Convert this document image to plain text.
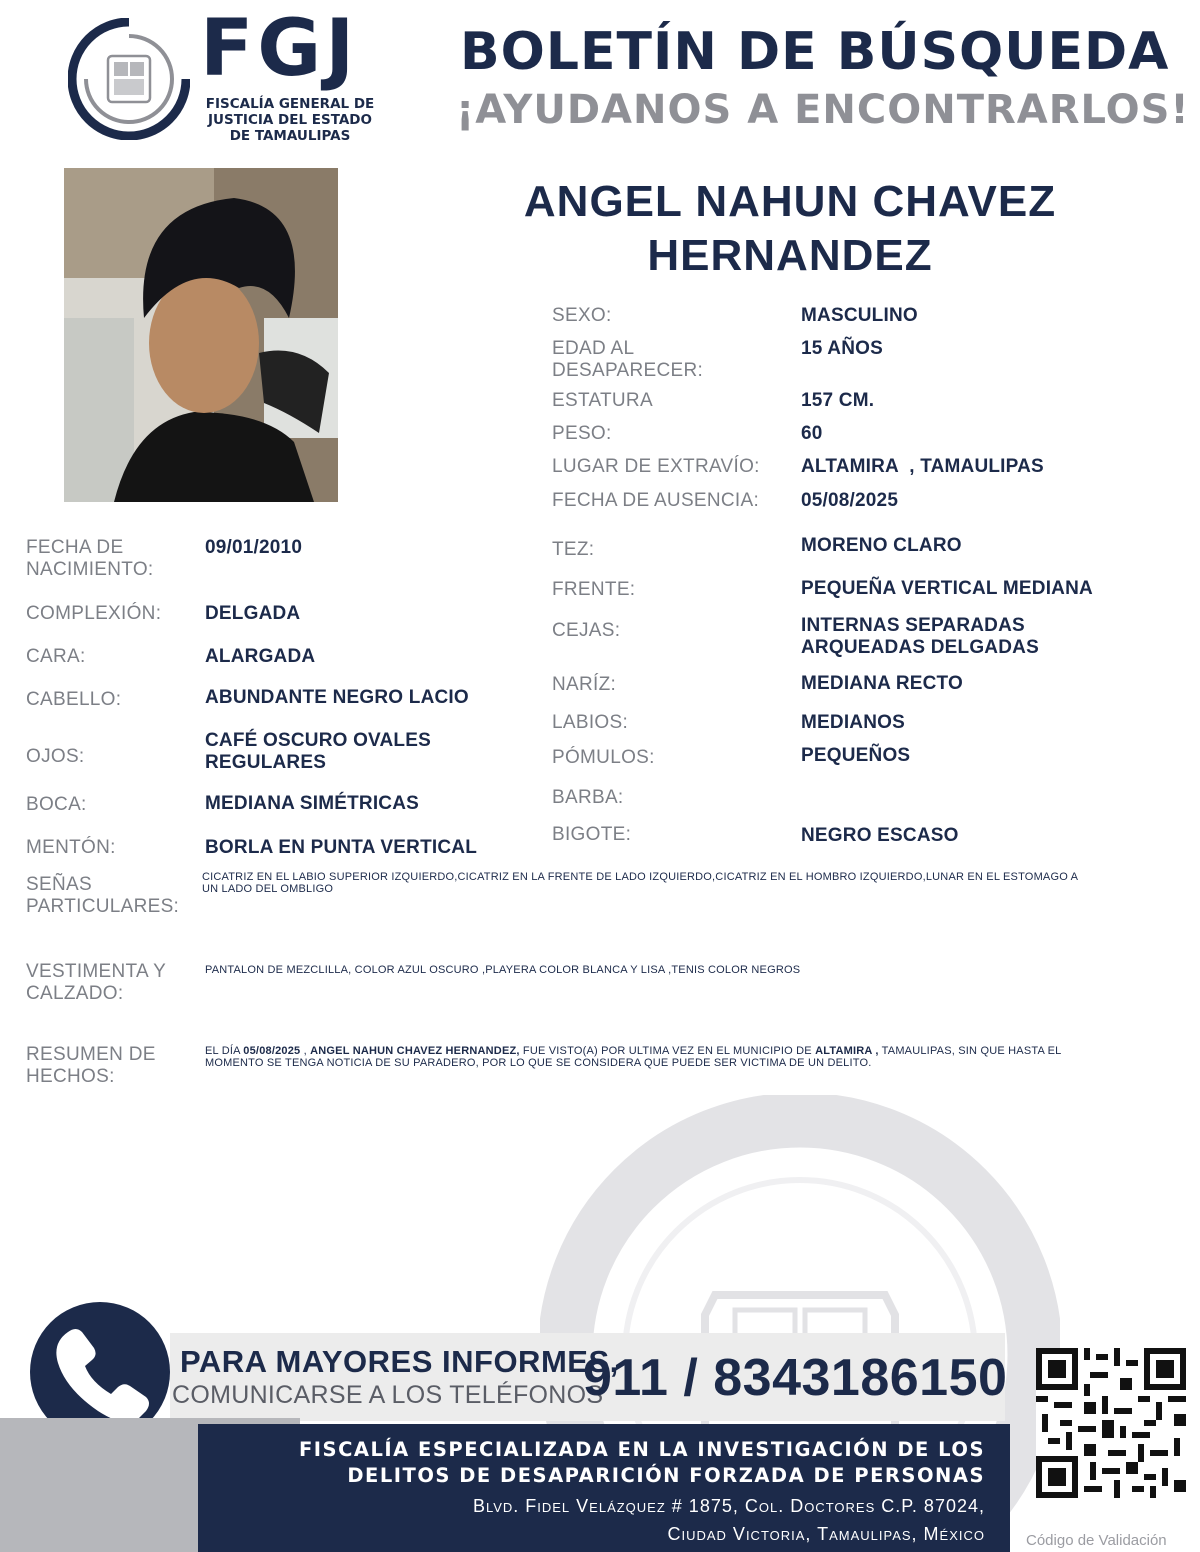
FGJ
FISCALÍA GENERAL DE
JUSTICIA DEL ESTADO
DE TAMAULIPAS
BOLETÍN DE BÚSQUEDA
¡AYUDANOS A ENCONTRARLOS!
ANGEL NAHUN CHAVEZ
HERNANDEZ
SEXO:	MASCULINO
EDAD AL
DESAPARECER:
15 AÑOS
ESTATURA	157 CM.
PESO:	60
LUGAR DE EXTRAVÍO: ALTAMIRA  , TAMAULIPAS
FECHA DE AUSENCIA: 05/08/2025
TEZ:	MORENO CLARO
FRENTE:	PEQUEÑA VERTICAL MEDIANA
CEJAS:	INTERNAS SEPARADAS
ARQUEADAS DELGADAS
NARÍZ:	MEDIANA RECTO
LABIOS:	MEDIANOS
PÓMULOS:	PEQUEÑOS
BARBA:
BIGOTE:	NEGRO ESCASO
FECHA DE
NACIMIENTO:
09/01/2010
COMPLEXIÓN: DELGADA
CARA:	ALARGADA
CABELLO:	ABUNDANTE NEGRO LACIO
OJOS:
CAFÉ OSCURO OVALES
REGULARES
BOCA:	MEDIANA SIMÉTRICAS
MENTÓN:	BORLA EN PUNTA VERTICAL
SEÑAS
PARTICULARES:
CICATRIZ EN EL LABIO SUPERIOR IZQUIERDO,CICATRIZ EN LA FRENTE DE LADO IZQUIERDO,CICATRIZ EN EL HOMBRO IZQUIERDO,LUNAR EN EL ESTOMAGO A
UN LADO DEL OMBLIGO
VESTIMENTA Y
CALZADO:
PANTALON DE MEZCLILLA, COLOR AZUL OSCURO ,PLAYERA COLOR BLANCA Y LISA ,TENIS COLOR NEGROS
RESUMEN DE
HECHOS:
EL DÍA 05/08/2025 , ANGEL NAHUN CHAVEZ HERNANDEZ, FUE VISTO(A) POR ULTIMA VEZ EN EL MUNICIPIO DE ALTAMIRA , TAMAULIPAS, SIN QUE HASTA EL
MOMENTO SE TENGA NOTICIA DE SU PARADERO, POR LO QUE SE CONSIDERA QUE PUEDE SER VICTIMA DE UN DELITO.
PARA MAYORES INFORMES,
COMUNICARSE A LOS TELÉFONOS
911 / 8343186150
FISCALÍA ESPECIALIZADA EN LA INVESTIGACIÓN DE LOS
DELITOS DE DESAPARICIÓN FORZADA DE PERSONAS
Blvd. Fidel Velázquez # 1875, Col. Doctores C.P. 87024,
Ciudad Victoria, Tamaulipas, México	Código de Validación
